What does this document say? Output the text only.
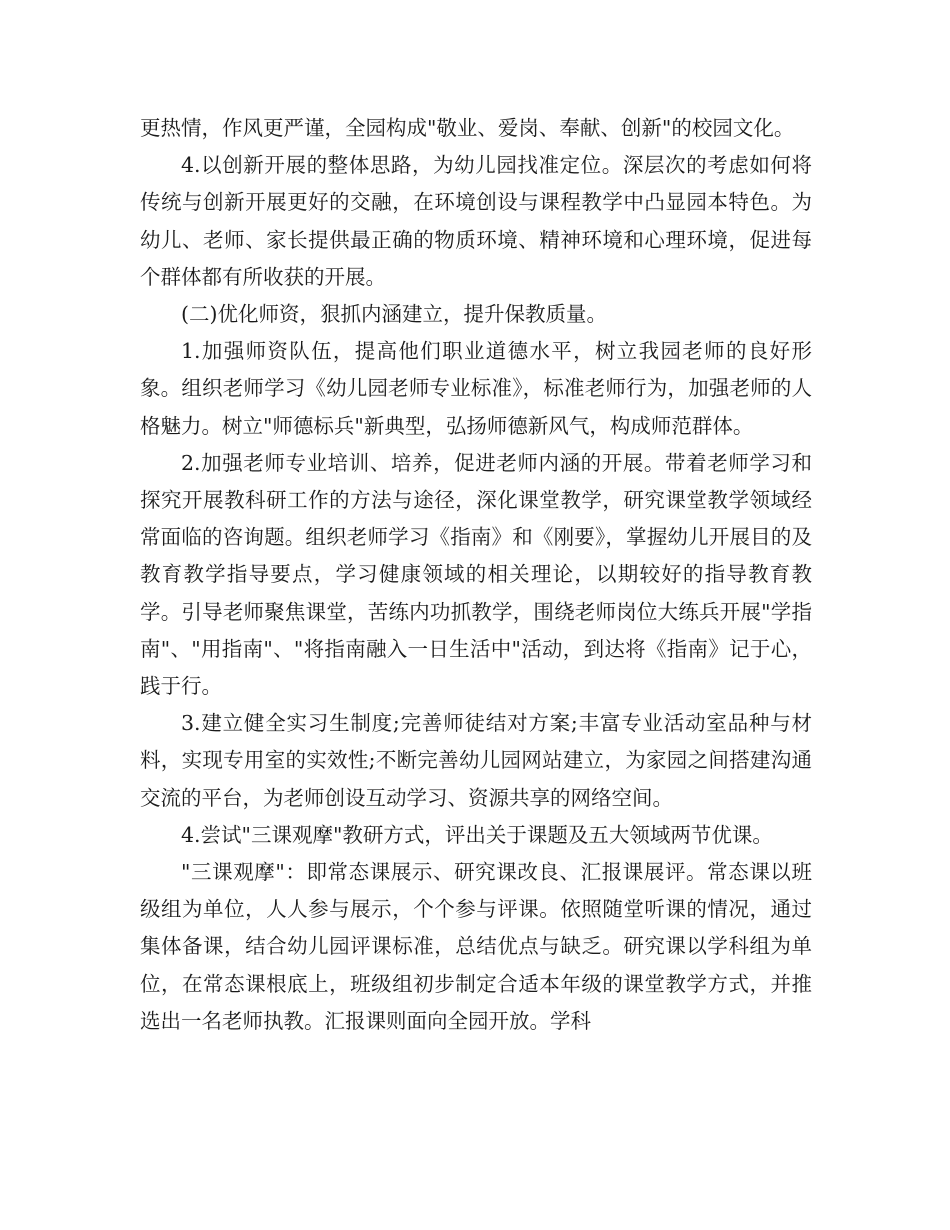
更热情，作风更严谨，全园构成"敬业、爱岗、奉献、创新"的校园文化。

4.以创新开展的整体思路，为幼儿园找准定位。深层次的考虑如何将传统与创新开展更好的交融，在环境创设与课程教学中凸显园本特色。为幼儿、老师、家长提供最正确的物质环境、精神环境和心理环境，促进每个群体都有所收获的开展。

(二)优化师资，狠抓内涵建立，提升保教质量。

1.加强师资队伍，提高他们职业道德水平，树立我园老师的良好形象。组织老师学习《幼儿园老师专业标准》，标准老师行为，加强老师的人格魅力。树立"师德标兵"新典型，弘扬师德新风气，构成师范群体。

2.加强老师专业培训、培养，促进老师内涵的开展。带着老师学习和探究开展教科研工作的方法与途径，深化课堂教学，研究课堂教学领域经常面临的咨询题。组织老师学习《指南》和《刚要》，掌握幼儿开展目的及教育教学指导要点，学习健康领域的相关理论，以期较好的指导教育教学。引导老师聚焦课堂，苦练内功抓教学，围绕老师岗位大练兵开展"学指南"、"用指南"、"将指南融入一日生活中"活动，到达将《指南》记于心，践于行。

3.建立健全实习生制度;完善师徒结对方案;丰富专业活动室品种与材料，实现专用室的实效性;不断完善幼儿园网站建立，为家园之间搭建沟通交流的平台，为老师创设互动学习、资源共享的网络空间。

4.尝试"三课观摩"教研方式，评出关于课题及五大领域两节优课。

"三课观摩"：即常态课展示、研究课改良、汇报课展评。常态课以班级组为单位，人人参与展示，个个参与评课。依照随堂听课的情况，通过集体备课，结合幼儿园评课标准，总结优点与缺乏。研究课以学科组为单位，在常态课根底上，班级组初步制定合适本年级的课堂教学方式，并推选出一名老师执教。汇报课则面向全园开放。学科
